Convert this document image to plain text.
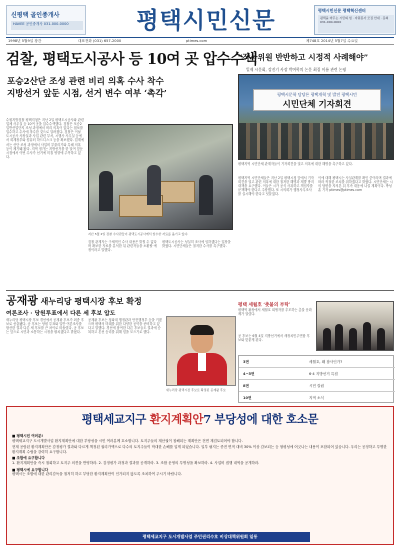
신평택 골인종개사
HAVEE 공인중개사 031-000-0000	평택시민신문	평택시민신문 평택혁신센터
평택을 바꾸는 시민의 힘 · 자원봉사 모집 안내 · 문의 031-000-0000
1998년 5월9일 창간	대표전화 (031) 657-2000	ptimes.com	제748호 2014년 5월7일 수요일
검찰, 평택도시공사 등 10여 곳 압수수색
포승2산단 조성 관련 비리 의혹 수사 착수
지방선거 앞둔 시점, 선거 변수 여부 ‘촉각’

수원지방검찰 평택지청은 지난 2일 평택도시공사와 관련 업체 사무실 등 10여 곳을 압수수색했다. 검찰은 포승2일반산업단지 조성 과정에서 비리 의혹이 있다는 첩보를 입수하고 수사에 착수한 것으로 알려졌다. 검찰은 이날 도시공사 사장실과 사업 관련 부서, 시행사 사무실 등에서 회계장부와 컴퓨터 하드디스크 등을 확보했다. 업계에서는 산단 조성 과정에서 사업비 부풀리기와 특혜 의혹 등이 제기돼 왔다. 지역 정가는 지방선거를 한 달여 앞둔 시점에서 이번 수사가 선거에 미칠 영향에 주목하고 있다.

지난 5월 2일 검찰 수사관들이 평택도시공사에서 압수한 자료를 옮기고 있다.

검찰 관계자는 구체적인 수사 내용은 밝힐 수 없다며 확보한 자료를 분석한 뒤 관련자들을 소환할 예정이라고 말했다.

평택도시공사는 성실히 조사에 임하겠다는 입장을 밝혔다. 시민단체들은 철저한 수사를 촉구했다.

“작사위원 반반하고 시정적 사례해야”
일제 시문회, 강진기 사장 박여학의 논문 최집 이름 관련 논평
평택시문학 담당론 평택개혁 및 발전 평택시민
시민단체 기자회견
평택지역 시민단체 관계자들이 기자회견을 열고 의혹에 대한 해명을 촉구하고 있다.

평택지역 시민단체들은 지난 2일 평택시청 앞에서 기자회견을 열고 관련 의혹에 대한 철저한 해명과 재발 방지 대책을 요구했다. 이들은 시가 공식 사과하고 책임자를 문책해야 한다고 주장했다. 또 시의회가 행정사무조사를 실시해야 한다고 덧붙였다.

이에 대해 평택시는 사실관계를 확인 중이라며 결과에 따라 적절한 조치를 취하겠다고 밝혔다. 시민단체는 시의 답변을 지켜본 뒤 후속 대응에 나설 계획이다. 박성훈 기자 ptimes@ptimes.com

공재광 새누리당 평택시장 후보 확정
여론조사 · 당원투표에서 다른 세 후보 압도

새누리당 평택시장 후보 경선에서 공재광 후보가 최종 후보로 선출됐다. 공 후보는 당원 투표와 일반 여론조사를 합산한 결과 다른 세 후보를 큰 차이로 따돌렸다. 공 후보는 앞으로 시민과 소통하는 시정을 펼치겠다고 밝혔다.

공재광 후보는 청와대 행정관과 안전행정부 등을 거쳤으며 평택의 미래를 위한 다양한 공약을 준비하고 있다고 말했다. 경선에 참여한 다른 후보들도 결과에 승복하고 본선 승리를 위해 힘을 모으기로 했다.

새누리당 평택시장 후보로 확정된 공재광 후보
평택 세월호 ‘촛불의 부탁’
평택역 광장에서 세월호 희생자를 추모하는 촛불 문화제가 열렸다.

공 후보는 6월 4일 지방선거에서 새정치민주연합 후보와 맞붙게 된다.

3면	세월호, 왜 참사인가?
4~5면	6·4 지방선거 특집
8면	시민 칼럼
10면	지역 소식
평택세교지구 환지계획안7 부당성에 대한 호소문
■ 평택시민 여러분!
평택세교지구 도시개발사업 환지계획안에 대한 부당성을 시민 여러분께 호소합니다. 토지주들의 재산권이 침해되는 계획안은 전면 재검토되어야 합니다.
현재 공람된 환지계획안은 감정평가 결과와 다르게 책정된 권리가액으로 다수의 토지주들이 막대한 손해를 입게 되었습니다. 일부 필지는 종전 면적 대비 30% 이상 감보되는 등 형평성에 어긋나는 내용이 포함되어 있습니다. 우리는 공정하고 투명한 환지계획 수립을 강력히 요구합니다.
■ 조합에 요구합니다
1. 환지계획안을 즉시 철회하고 토지주 의견을 반영하라. 2. 감정평가 과정과 결과를 공개하라. 3. 조합 운영의 투명성을 확보하라. 4. 사업비 집행 내역을 공개하라.
■ 평택시에 요구합니다
평택시는 조합에 대한 관리감독을 철저히 하고 부당한 환지계획안이 인가되지 않도록 조치하여 주시기 바랍니다.
평택세교지구 도시개발사업 주민권리수호 비상대책위원회 일동
